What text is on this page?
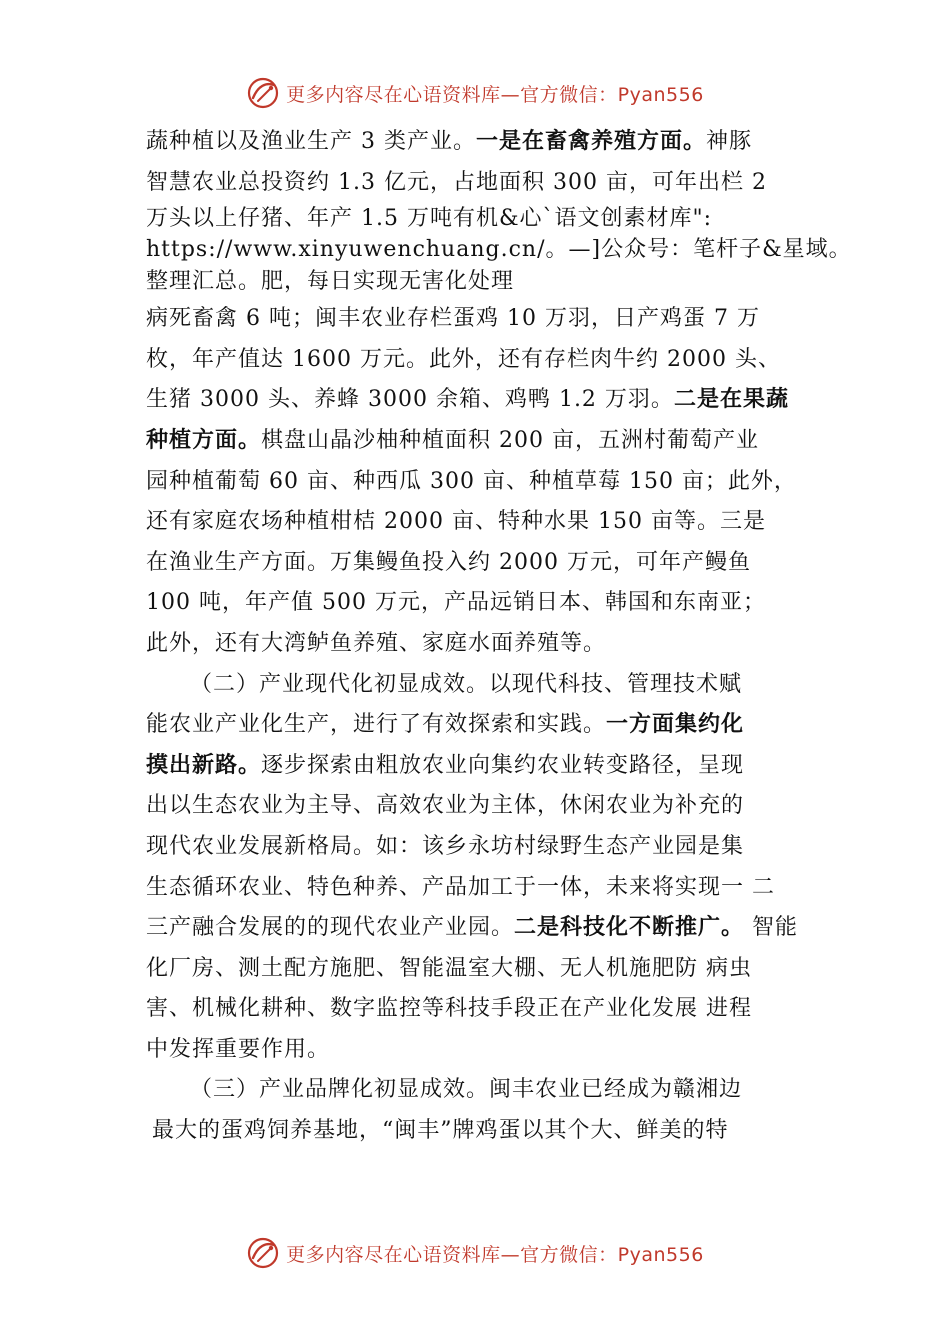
更多内容尽在心语资料库—官方微信：Pyan556
蔬种植以及渔业生产 3 类产业。一是在畜禽养殖方面。神豚
智慧农业总投资约 1.3 亿元，占地面积 300 亩，可年出栏 2
万头以上仔猪、年产 1.5 万吨有机&心`语文创素材库":
https://www.xinyuwenchuang.cn/。—]公众号：笔杆子&星域。
整理汇总。肥，每日实现无害化处理
病死畜禽 6 吨；闽丰农业存栏蛋鸡 10 万羽，日产鸡蛋 7 万
枚，年产值达 1600 万元。此外，还有存栏肉牛约 2000 头、
生猪 3000 头、养蜂 3000 余箱、鸡鸭 1.2 万羽。二是在果蔬
种植方面。棋盘山晶沙柚种植面积 200 亩，五洲村葡萄产业
园种植葡萄 60 亩、种西瓜 300 亩、种植草莓 150 亩；此外，
还有家庭农场种植柑桔 2000 亩、特种水果 150 亩等。三是
在渔业生产方面。万集鳗鱼投入约 2000 万元，可年产鳗鱼
100 吨，年产值 500 万元，产品远销日本、韩国和东南亚；
此外，还有大湾鲈鱼养殖、家庭水面养殖等。
（二）产业现代化初显成效。以现代科技、管理技术赋
能农业产业化生产，进行了有效探索和实践。一方面集约化
摸出新路。逐步探索由粗放农业向集约农业转变路径，呈现
出以生态农业为主导、高效农业为主体，休闲农业为补充的
现代农业发展新格局。如：该乡永坊村绿野生态产业园是集
生态循环农业、特色种养、产品加工于一体，未来将实现一 二
三产融合发展的的现代农业产业园。二是科技化不断推广。 智能
化厂房、测土配方施肥、智能温室大棚、无人机施肥防 病虫
害、机械化耕种、数字监控等科技手段正在产业化发展 进程
中发挥重要作用。
（三）产业品牌化初显成效。闽丰农业已经成为赣湘边
最大的蛋鸡饲养基地，“闽丰”牌鸡蛋以其个大、鲜美的特
更多内容尽在心语资料库—官方微信：Pyan556
